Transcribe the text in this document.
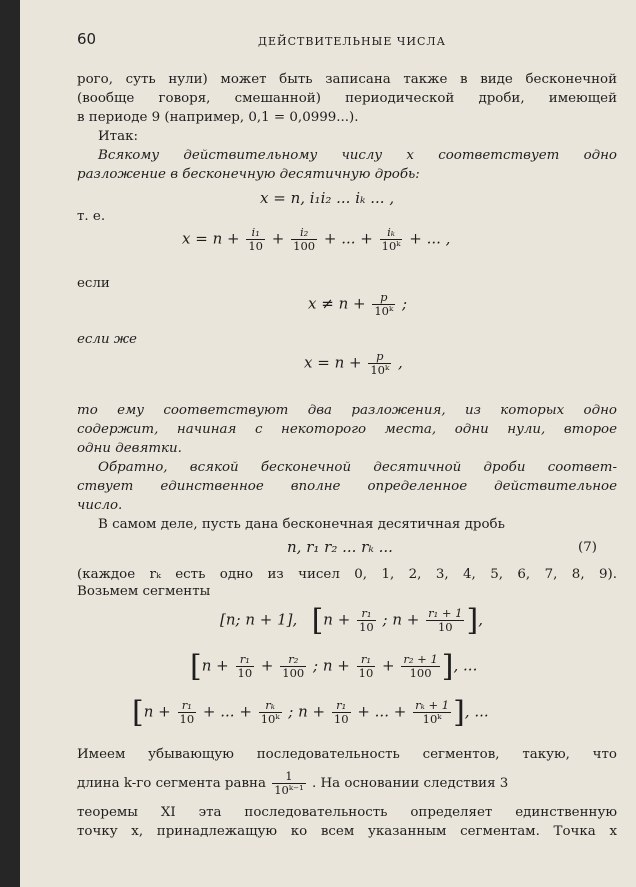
60	ДЕЙСТВИТЕЛЬНЫЕ ЧИСЛА
рого, суть нули) может быть записана также в виде бесконечной
(вообще говоря, смешанной) периодической дроби, имеющей
в периоде 9 (например, 0,1 = 0,0999...).
Итак:
Всякому действительному числу x соответствует одно
разложение в бесконечную десятичную дробь:
x = n, i₁i₂ ... iₖ ... ,
т. е.
$x = n + \frac{\text{i₁}}{10} + \frac{\text{i₂}}{100}$ + ... + $\frac{\text{iₖ}}{\text{10ᵏ}}$ + ... ,
если
$x \ne n + \frac{p}{\text{10ᵏ}}$ ;
если же
$x = n + \frac{p}{\text{10ᵏ}}$ ,
то ему соответствуют два разложения, из которых одно
содержит, начиная с некоторого места, одни нули, второе
одни девятки.
Обратно, всякой бесконечной десятичной дроби соответ-
ствует единственное вполне определенное действительное
число.
В самом деле, пусть дана бесконечная десятичная дробь
n, r₁ r₂ ... rₖ ...	(7)
(каждое rₖ есть одно из чисел 0, 1, 2, 3, 4, 5, 6, 7, 8, 9).
Возьмем сегменты
[n; n + 1], [$n + \frac{\text{r₁}}{10}$ ; $n + \frac{\text{r₁ + 1}}{10}$ ],
[$n + \frac{\text{r₁}}{10} + \frac{\text{r₂}}{100}$ ; $n + \frac{\text{r₁}}{10} + \frac{\text{r₂ + 1}}{100}$ ], ...
[$n + \frac{\text{r₁}}{10}$ + ... + $\frac{\text{rₖ}}{\text{10ᵏ}}$ ; $n + \frac{\text{r₁}}{10}$ + ... + $\frac{\text{rₖ + 1}}{\text{10ᵏ}}$ ], ...
Имеем убывающую последовательность сегментов, такую, что
длина k-го сегмента равна $\frac{1}{\text{10ᵏ⁻¹}}$ . На основании следствия 3
теоремы XI эта последовательность определяет единственную
точку x, принадлежащую ко всем указанным сегментам. Точка x
